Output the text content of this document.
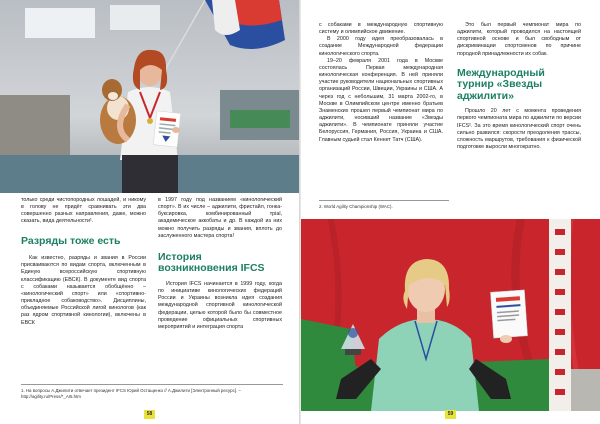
только среди чистопородных лошадей, и никому в голову не придёт сравнивать эти два совершенно разных направления, даже, можно сказать, вида деятельности¹.

Разряды тоже есть

Как известно, разряды и звания в России присваиваются по видам спорта, включенным в Единую всероссийскую спортивную классификацию (ЕВСК). В документе вид спорта с собаками называется обобщённо – «кинологический спорт» или «спортивно-прикладное собаководство». Дисциплины, объединяемые Российской лигой кинологов (как раз ядром спортивной кинологии), включены в ЕВСК

в 1997 году под названием «кинологический спорт». В их числе – аджилити, фристайл, гонка-буксировка, комбинированный трial, академическое аккобаты и др. В каждой из них можно получить разряды и звания, вплоть до заслуженного мастера спорта!

История возникновения IFCS

История IFCS начинается в 1999 году, когда по инициативе кинологических федераций России и Украины возникла идея создания международной спортивной кинологической федерации, целью которой было бы совместное проведение официальных спортивных мероприятий и интеграция спорта

1. На вопросы А.Джилити отвечает президент IFCS Юрий Остащенко // А.Джилити [Электронный ресурс]. – http://agility.ru/Press/*_AI5.htm

58

с собаками в международную спортивную систему и олимпийское движение.

В 2000 году идея преобразовалась в создание Международной федерации кинологического спорта.

19–20 февраля 2001 года в Москве состоялась Первая международная кинологическая конференция. В ней приняли участие руководители национальных спортивных организаций России, Швеции, Украины и США. А через год с небольшим, 31 марта 2002-го, в Москве в Олимпийском центре именно братьев Знаменских прошел первый чемпионат мира по аджилити, носивший название «Звезды аджилити». В чемпионате приняли участие Белоруссия, Германия, Россия, Украина и США. Главным судьей стал Кеннет Татч (США).

Это был первый чемпионат мира по аджилити, который проводился на настоящей спортивной основе и был свободным от дискриминации спортсменов по причине породной принадлежности их собак.

Международный турнир «Звезды аджилити»

Прошло 20 лет с момента проведения первого чемпионата мира по аджилити по версии IFCS². За это время кинологический спорт очень сильно развился: скорости преодоления трассы, сложность маршрутов, требования к физической подготовке выросли многократно.

2. World Agility Championship (WAC).

59
